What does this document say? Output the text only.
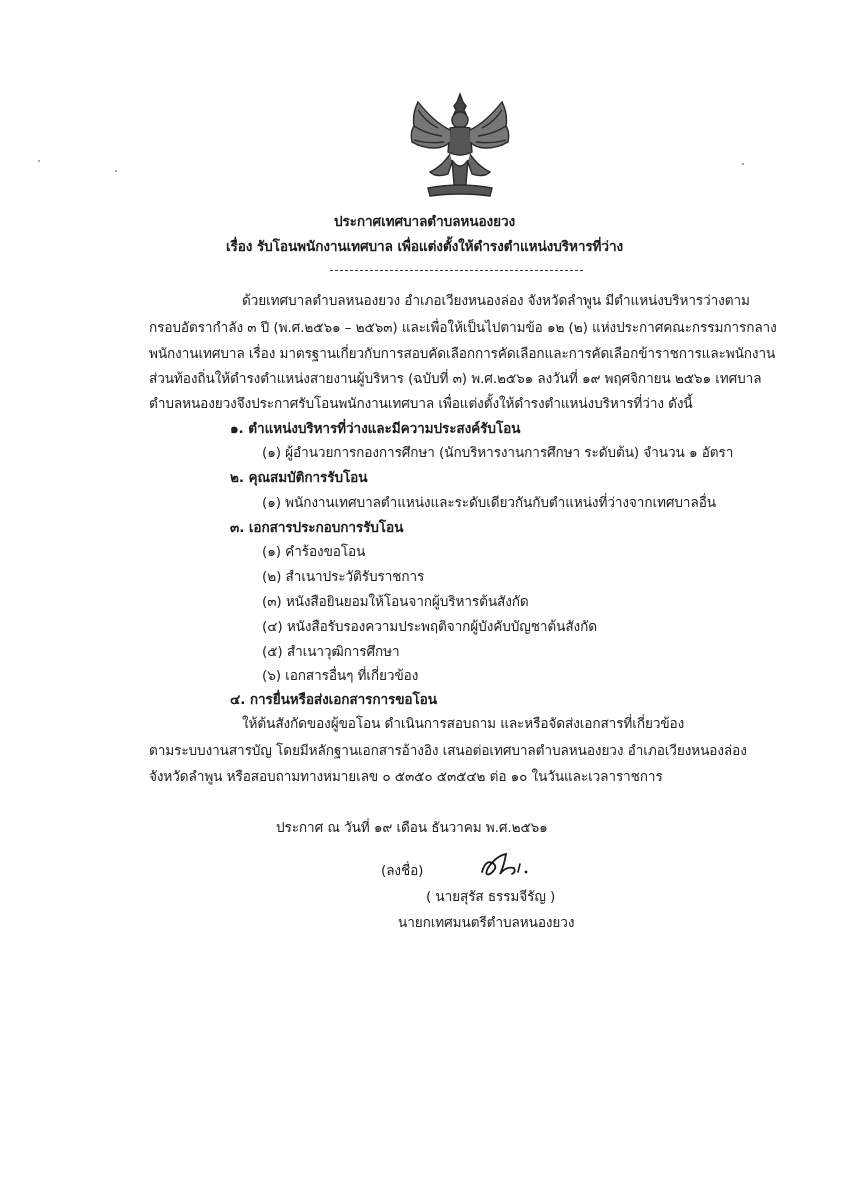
ประกาศเทศบาลตำบลหนองยวง
เรื่อง รับโอนพนักงานเทศบาล เพื่อแต่งตั้งให้ดำรงตำแหน่งบริหารที่ว่าง
ด้วยเทศบาลตำบลหนองยวง อำเภอเวียงหนองล่อง จังหวัดลำพูน มีตำแหน่งบริหารว่างตาม
กรอบอัตรากำลัง ๓ ปี (พ.ศ.๒๕๖๑ – ๒๕๖๓) และเพื่อให้เป็นไปตามข้อ ๑๒ (๒) แห่งประกาศคณะกรรมการกลาง
พนักงานเทศบาล เรื่อง มาตรฐานเกี่ยวกับการสอบคัดเลือกการคัดเลือกและการคัดเลือกข้าราชการและพนักงาน
ส่วนท้องถิ่นให้ดำรงตำแหน่งสายงานผู้บริหาร (ฉบับที่ ๓) พ.ศ.๒๕๖๑ ลงวันที่ ๑๙ พฤศจิกายน ๒๕๖๑ เทศบาล
ตำบลหนองยวงจึงประกาศรับโอนพนักงานเทศบาล เพื่อแต่งตั้งให้ดำรงตำแหน่งบริหารที่ว่าง ดังนี้
๑. ตำแหน่งบริหารที่ว่างและมีความประสงค์รับโอน
(๑) ผู้อำนวยการกองการศึกษา (นักบริหารงานการศึกษา ระดับต้น) จำนวน ๑ อัตรา
๒. คุณสมบัติการรับโอน
(๑) พนักงานเทศบาลตำแหน่งและระดับเดียวกันกับตำแหน่งที่ว่างจากเทศบาลอื่น
๓. เอกสารประกอบการรับโอน
(๑) คำร้องขอโอน
(๒) สำเนาประวัติรับราชการ
(๓) หนังสือยินยอมให้โอนจากผู้บริหารต้นสังกัด
(๔) หนังสือรับรองความประพฤติจากผู้บังคับบัญชาต้นสังกัด
(๕) สำเนาวุฒิการศึกษา
(๖) เอกสารอื่นๆ ที่เกี่ยวข้อง
๔. การยื่นหรือส่งเอกสารการขอโอน
ให้ต้นสังกัดของผู้ขอโอน ดำเนินการสอบถาม และหรือจัดส่งเอกสารที่เกี่ยวข้อง
ตามระบบงานสารบัญ โดยมีหลักฐานเอกสารอ้างอิง เสนอต่อเทศบาลตำบลหนองยวง อำเภอเวียงหนองล่อง
จังหวัดลำพูน หรือสอบถามทางหมายเลข ๐ ๕๓๕๐ ๕๓๕๔๒ ต่อ ๑๐ ในวันและเวลาราชการ
ประกาศ ณ วันที่ ๑๙ เดือน ธันวาคม พ.ศ.๒๕๖๑
(ลงชื่อ)
( นายสุรัส ธรรมจีรัญ )
นายกเทศมนตรีตำบลหนองยวง
